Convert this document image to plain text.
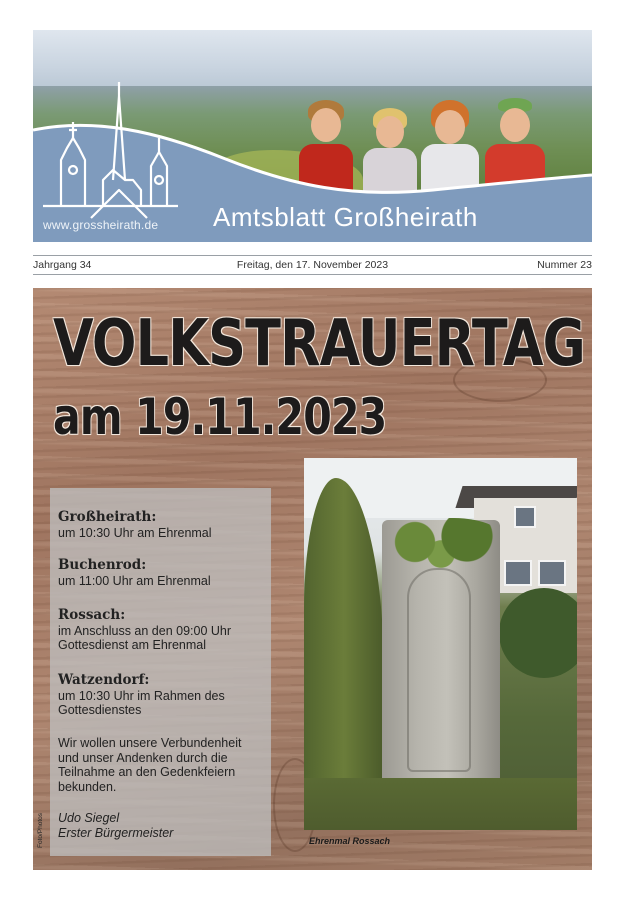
www.grossheirath.de Amtsblatt Großheirath
Jahrgang 34	Freitag, den 17. November 2023	Nummer 23
VOLKSTRAUERTAG
am 19.11.2023
Großheirath:
um 10:30 Uhr am Ehrenmal
Buchenrod:
um 11:00 Uhr am Ehrenmal
Rossach:
im Anschluss an den 09:00 Uhr
Gottesdienst am Ehrenmal
Watzendorf:
um 10:30 Uhr im Rahmen des
Gottesdienstes
Wir wollen unsere Verbundenheit
und unser Andenken durch die
Teilnahme an den Gedenkfeiern
bekunden.
Udo Siegel
Erster Bürgermeister
Ehrenmal Rossach
Foto/Photos
